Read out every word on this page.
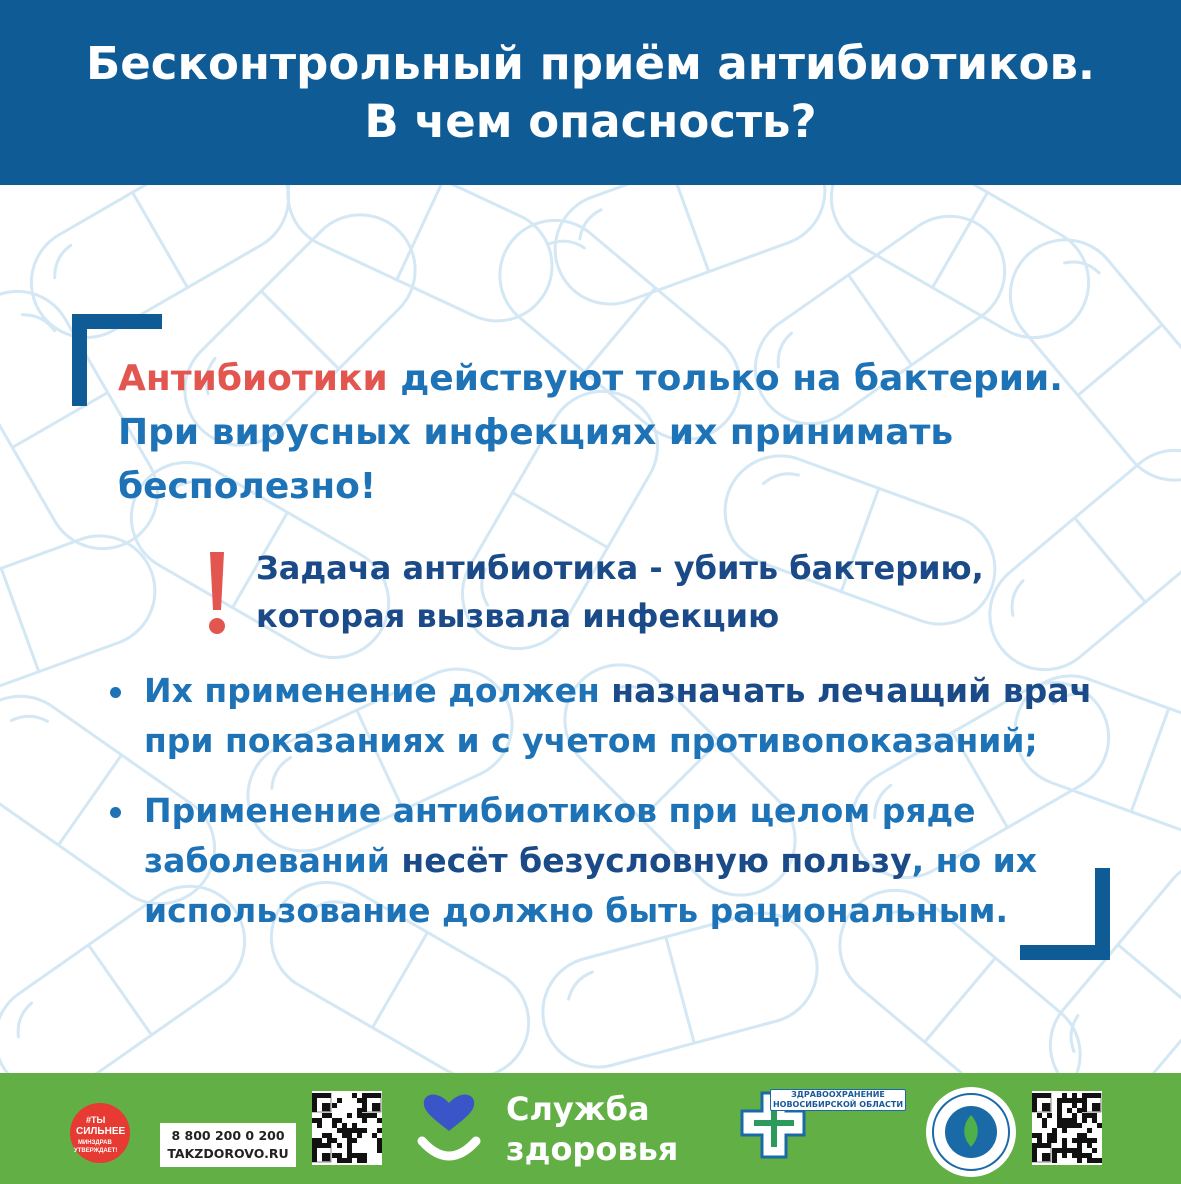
Бесконтрольный приём антибиотиков.
В чем опасность?
Антибиотики действуют только на бактерии.
При вирусных инфекциях их принимать
бесполезно!
Задача антибиотика - убить бактерию,
которая вызвала инфекцию
Их применение должен назначать лечащий врач
при показаниях и с учетом противопоказаний;
Применение антибиотиков при целом ряде
заболеваний несёт безусловную пользу, но их
использование должно быть рациональным.
#ТЫ
СИЛЬНЕЕ
МИНЗДРАВ
УТВЕРЖДАЕТ!
8 800 200 0 200
TAKZDOROVO.RU
Служба
здоровья
ЗДРАВООХРАНЕНИЕ
НОВОСИБИРСКОЙ ОБЛАСТИ
